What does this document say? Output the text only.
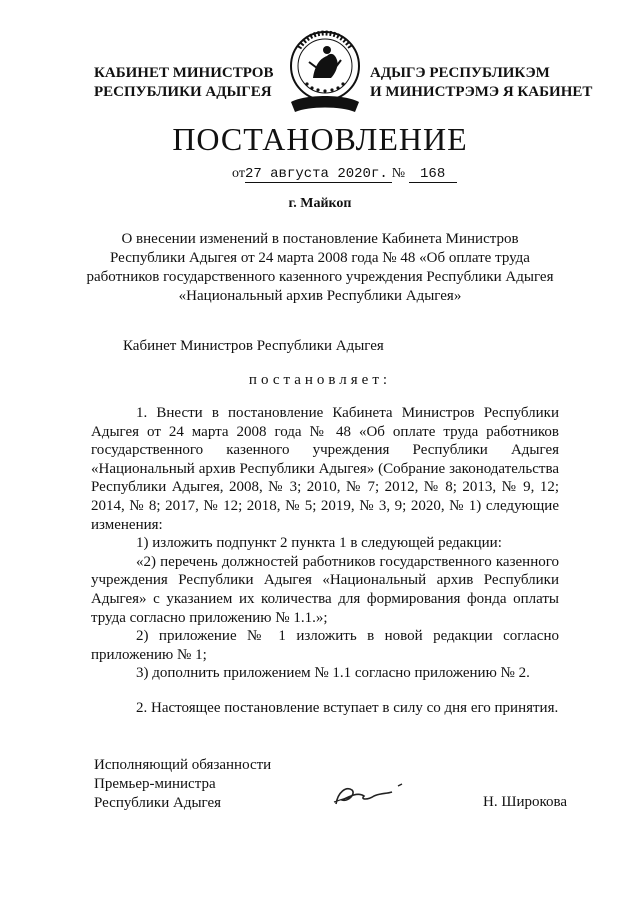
КАБИНЕТ МИНИСТРОВ
РЕСПУБЛИКИ АДЫГЕЯ
АДЫГЭ РЕСПУБЛИКЭМ
И МИНИСТРЭМЭ Я КАБИНЕТ
ПОСТАНОВЛЕНИЕ
от27 августа 2020г. № 168
г. Майкоп
О внесении изменений в постановление Кабинета Министров
Республики Адыгея от 24 марта 2008 года № 48 «Об оплате труда
работников государственного казенного учреждения Республики Адыгея
«Национальный архив Республики Адыгея»
Кабинет Министров Республики Адыгея
постановляет:

1. Внести в постановление Кабинета Министров Республики Адыгея от 24 марта 2008 года № 48 «Об оплате труда работников государственного казенного учреждения Республики Адыгея «Национальный архив Республики Адыгея» (Собрание законодательства Республики Адыгея, 2008, № 3; 2010, № 7; 2012, № 8; 2013, № 9, 12; 2014, № 8; 2017, № 12; 2018, № 5; 2019, № 3, 9; 2020, № 1) следующие изменения:

1) изложить подпункт 2 пункта 1 в следующей редакции:

«2) перечень должностей работников государственного казенного учреждения Республики Адыгея «Национальный архив Республики Адыгея» с указанием их количества для формирования фонда оплаты труда согласно приложению № 1.1.»;

2) приложение № 1 изложить в новой редакции согласно приложению № 1;

3) дополнить приложением № 1.1 согласно приложению № 2.

2. Настоящее постановление вступает в силу со дня его принятия.

Исполняющий обязанности
Премьер-министра
Республики Адыгея	Н. Широкова
